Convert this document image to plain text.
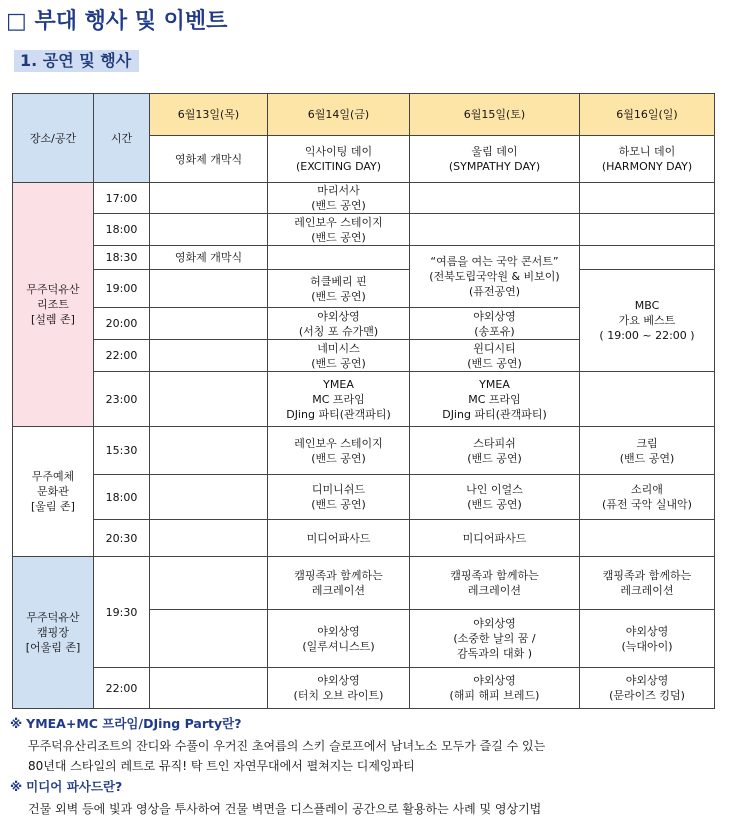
□ 부대 행사 및 이벤트
1. 공연 및 행사
장소/공간	시간	6월13일(목)	6월14일(금)	6월15일(토)	6월16일(일)
		영화제 개막식	익사이팅 데이
(EXCITING DAY)	울림 데이
(SYMPATHY DAY)	하모니 데이
(HARMONY DAY)
무주덕유산
리조트
[설렘 존]	17:00		마리서사
(밴드 공연)		
	18:00		레인보우 스테이지
(밴드 공연)		
	18:30	영화제 개막식		“여름을 여는 국악 콘서트”
(전북도립국악원 & 비보이)
(퓨전공연)	
	19:00		허클베리 핀
(밴드 공연)		MBC
가요 베스트
( 19:00 ~ 22:00 )
	20:00		야외상영
(서칭 포 슈가맨)	야외상영
(송포유)	
	22:00		네미시스
(밴드 공연)	윈디시티
(밴드 공연)	
	23:00		YMEA
MC 프라임
DJing 파티(관객파티)	YMEA
MC 프라임
DJing 파티(관객파티)	
무주예체
문화관
[울림 존]	15:30		레인보우 스테이지
(밴드 공연)	스타피쉬
(밴드 공연)	크림
(밴드 공연)
	18:00		디미니쉬드
(밴드 공연)	나인 이얼스
(밴드 공연)	소리애
(퓨전 국악 실내악)
	20:30		미디어파사드	미디어파사드	
무주덕유산
캠핑장
[어울림 존]	19:30		캠핑족과 함께하는
레크레이션	캠핑족과 함께하는
레크레이션	캠핑족과 함께하는
레크레이션
			야외상영
(일루셔니스트)	야외상영
(소중한 날의 꿈 /
감독과의 대화 )	야외상영
(늑대아이)
	22:00		야외상영
(터치 오브 라이트)	야외상영
(해피 해피 브레드)	야외상영
(문라이즈 킹덤)
※ YMEA+MC 프라임/DJing Party란?
무주덕유산리조트의 잔디와 수풀이 우거진 초여름의 스키 슬로프에서 남녀노소 모두가 즐길 수 있는
80년대 스타일의 레트로 뮤직! 탁 트인 자연무대에서 펼쳐지는 디제잉파티
※ 미디어 파사드란?
건물 외벽 등에 빛과 영상을 투사하여 건물 벽면을 디스플레이 공간으로 활용하는 사례 및 영상기법
